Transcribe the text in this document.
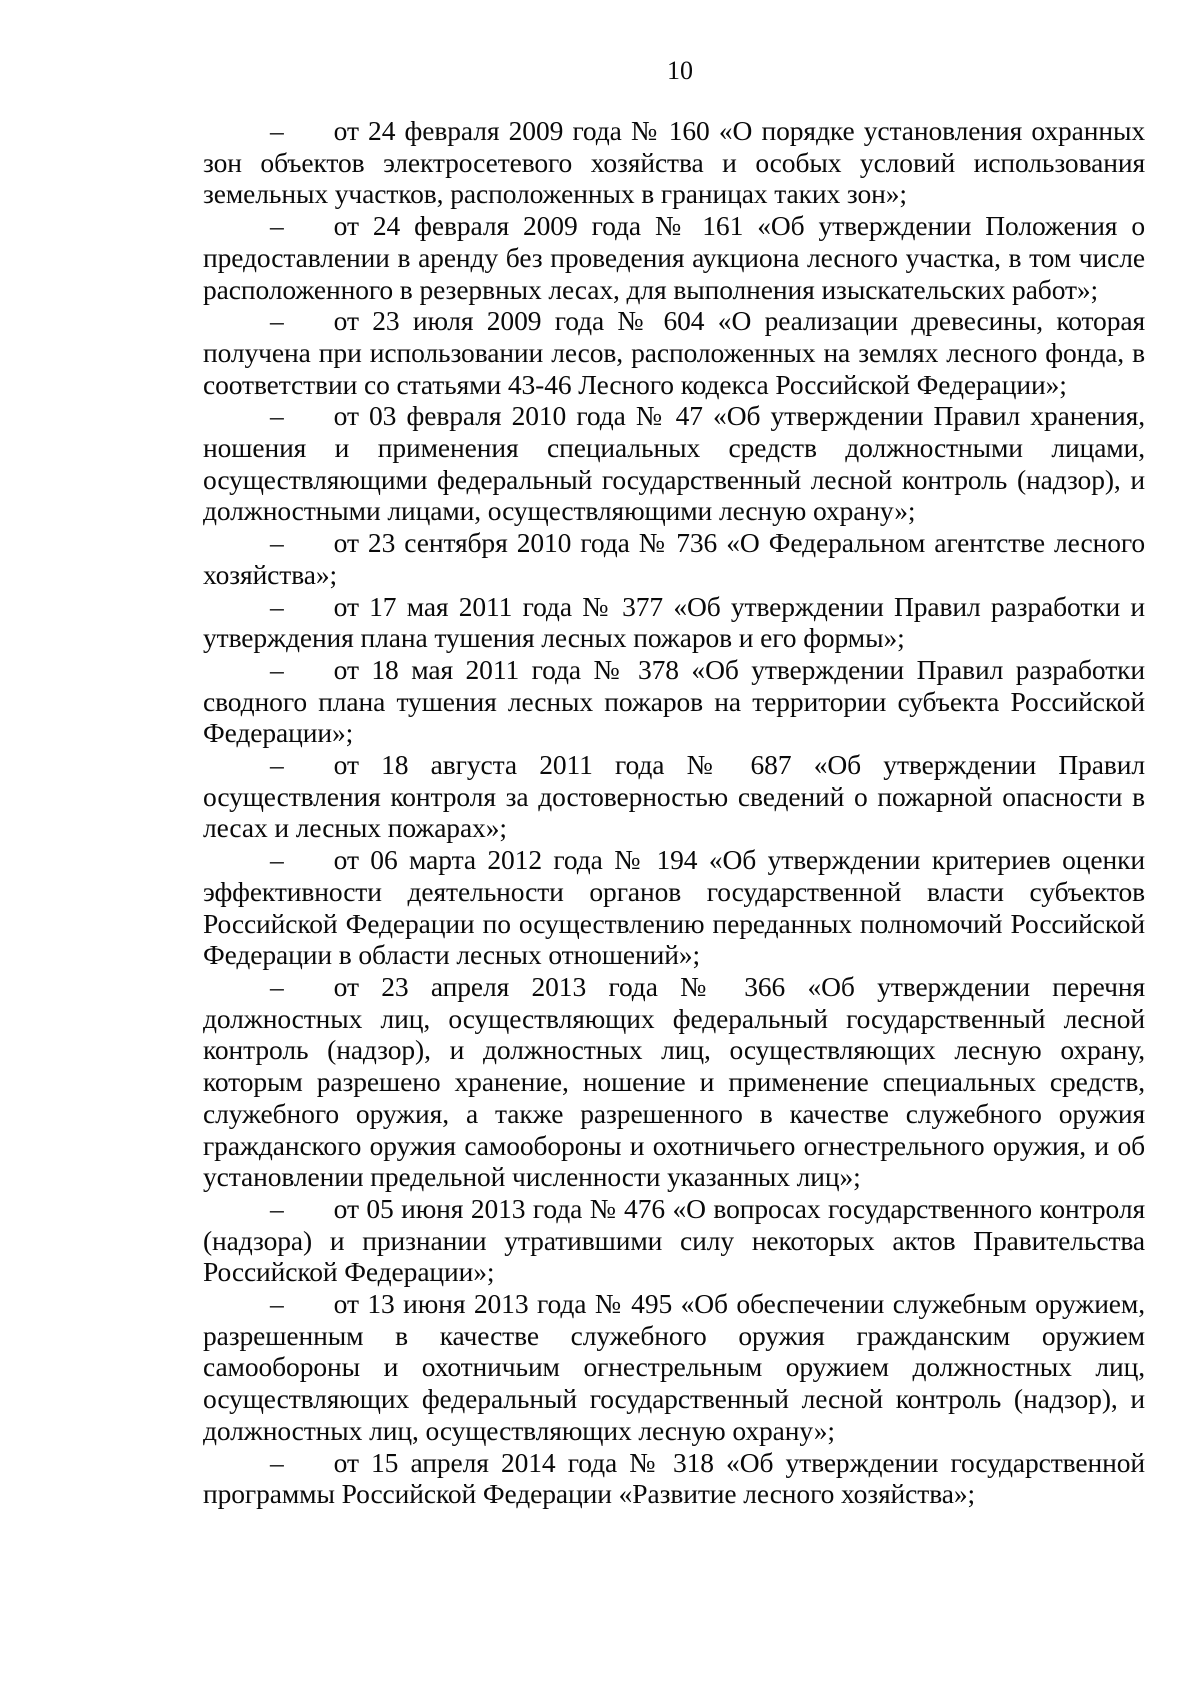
10

– от 24 февраля 2009 года № 160 «О порядке установления охранных зон объектов электросетевого хозяйства и особых условий использования земельных участков, расположенных в границах таких зон»;

– от 24 февраля 2009 года № 161 «Об утверждении Положения о предоставлении в аренду без проведения аукциона лесного участка, в том числе расположенного в резервных лесах, для выполнения изыскательских работ»;

– от 23 июля 2009 года № 604 «О реализации древесины, которая получена при использовании лесов, расположенных на землях лесного фонда, в соответствии со статьями 43-46 Лесного кодекса Российской Федерации»;

– от 03 февраля 2010 года № 47 «Об утверждении Правил хранения, ношения и применения специальных средств должностными лицами, осуществляющими федеральный государственный лесной контроль (надзор), и должностными лицами, осуществляющими лесную охрану»;

– от 23 сентября 2010 года № 736 «О Федеральном агентстве лесного хозяйства»;

– от 17 мая 2011 года № 377 «Об утверждении Правил разработки и утверждения плана тушения лесных пожаров и его формы»;

– от 18 мая 2011 года № 378 «Об утверждении Правил разработки сводного плана тушения лесных пожаров на территории субъекта Российской Федерации»;

– от 18 августа 2011 года № 687 «Об утверждении Правил осуществления контроля за достоверностью сведений о пожарной опасности в лесах и лесных пожарах»;

– от 06 марта 2012 года № 194 «Об утверждении критериев оценки эффективности деятельности органов государственной власти субъектов Российской Федерации по осуществлению переданных полномочий Российской Федерации в области лесных отношений»;

– от 23 апреля 2013 года № 366 «Об утверждении перечня должностных лиц, осуществляющих федеральный государственный лесной контроль (надзор), и должностных лиц, осуществляющих лесную охрану, которым разрешено хранение, ношение и применение специальных средств, служебного оружия, а также разрешенного в качестве служебного оружия гражданского оружия самообороны и охотничьего огнестрельного оружия, и об установлении предельной численности указанных лиц»;

– от 05 июня 2013 года № 476 «О вопросах государственного контроля (надзора) и признании утратившими силу некоторых актов Правительства Российской Федерации»;

– от 13 июня 2013 года № 495 «Об обеспечении служебным оружием, разрешенным в качестве служебного оружия гражданским оружием самообороны и охотничьим огнестрельным оружием должностных лиц, осуществляющих федеральный государственный лесной контроль (надзор), и должностных лиц, осуществляющих лесную охрану»;

– от 15 апреля 2014 года № 318 «Об утверждении государственной программы Российской Федерации «Развитие лесного хозяйства»;
